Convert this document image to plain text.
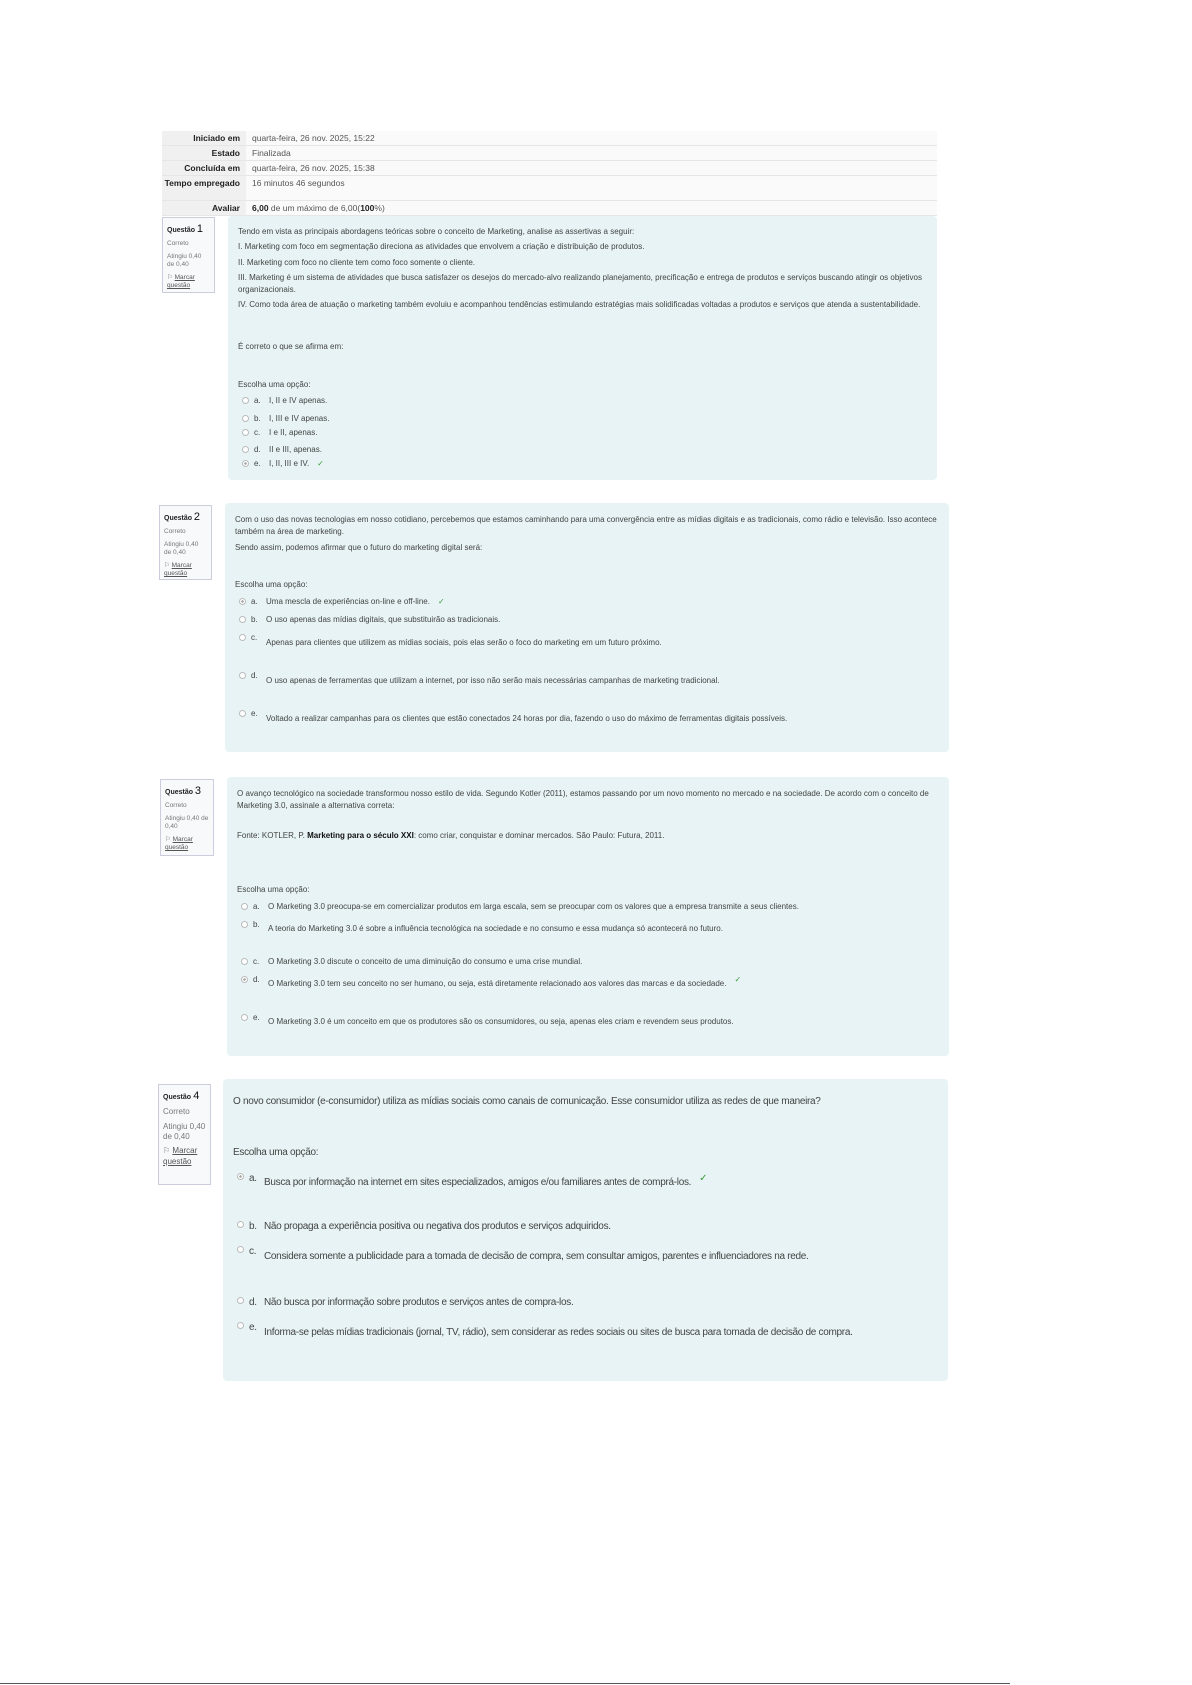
Iniciado em	quarta-feira, 26 nov. 2025, 15:22
Estado	Finalizada
Concluída em	quarta-feira, 26 nov. 2025, 15:38
Tempo empregado	16 minutos 46 segundos
Avaliar	6,00 de um máximo de 6,00(100%)
Questão 1
Correto
Atingiu 0,40 de 0,40
⚐ Marcar questão
Tendo em vista as principais abordagens teóricas sobre o conceito de Marketing, analise as assertivas a seguir:
I. Marketing com foco em segmentação direciona as atividades que envolvem a criação e distribuição de produtos.
II. Marketing com foco no cliente tem como foco somente o cliente.
III. Marketing é um sistema de atividades que busca satisfazer os desejos do mercado-alvo realizando planejamento, precificação e entrega de produtos e serviços buscando atingir os objetivos organizacionais.
IV. Como toda área de atuação o marketing também evoluiu e acompanhou tendências estimulando estratégias mais solidificadas voltadas a produtos e serviços que atenda a sustentabilidade.
É correto o que se afirma em:
Escolha uma opção:
a.	I, II e IV apenas.
b.	I, III e IV apenas.
c.	I e II, apenas.
d.	II e III, apenas.
e.	I, II, III e IV. ✓
Questão 2
Correto
Atingiu 0,40 de 0,40
⚐ Marcar questão
Com o uso das novas tecnologias em nosso cotidiano, percebemos que estamos caminhando para uma convergência entre as mídias digitais e as tradicionais, como rádio e televisão. Isso acontece também na área de marketing.
Sendo assim, podemos afirmar que o futuro do marketing digital será:
Escolha uma opção:
a.	Uma mescla de experiências on-line e off-line. ✓
b.	O uso apenas das mídias digitais, que substituirão as tradicionais.
c.
Apenas para clientes que utilizem as mídias sociais, pois elas serão o foco do marketing em um futuro próximo.
d.
O uso apenas de ferramentas que utilizam a internet, por isso não serão mais necessárias campanhas de marketing tradicional.
e.
Voltado a realizar campanhas para os clientes que estão conectados 24 horas por dia, fazendo o uso do máximo de ferramentas digitais possíveis.
Questão 3
Correto
Atingiu 0,40 de 0,40
⚐ Marcar questão
O avanço tecnológico na sociedade transformou nosso estilo de vida. Segundo Kotler (2011), estamos passando por um novo momento no mercado e na sociedade. De acordo com o conceito de Marketing 3.0, assinale a alternativa correta:
Fonte: KOTLER, P. Marketing para o século XXI: como criar, conquistar e dominar mercados. São Paulo: Futura, 2011.
Escolha uma opção:
a.	O Marketing 3.0 preocupa-se em comercializar produtos em larga escala, sem se preocupar com os valores que a empresa transmite a seus clientes.
b.	A teoria do Marketing 3.0 é sobre a influência tecnológica na sociedade e no consumo e essa mudança só acontecerá no futuro.
c.	O Marketing 3.0 discute o conceito de uma diminuição do consumo e uma crise mundial.
d.	O Marketing 3.0 tem seu conceito no ser humano, ou seja, está diretamente relacionado aos valores das marcas e da sociedade. ✓
e.	O Marketing 3.0 é um conceito em que os produtores são os consumidores, ou seja, apenas eles criam e revendem seus produtos.
Questão 4
Correto
Atingiu 0,40 de 0,40
⚐ Marcar questão
O novo consumidor (e-consumidor) utiliza as mídias sociais como canais de comunicação. Esse consumidor utiliza as redes de que maneira?
Escolha uma opção:
a. Busca por informação na internet em sites especializados, amigos e/ou familiares antes de comprá-los. ✓
b. Não propaga a experiência positiva ou negativa dos produtos e serviços adquiridos.
c. Considera somente a publicidade para a tomada de decisão de compra, sem consultar amigos, parentes e influenciadores na rede.
d. Não busca por informação sobre produtos e serviços antes de compra-los.
e. Informa-se pelas mídias tradicionais (jornal, TV, rádio), sem considerar as redes sociais ou sites de busca para tomada de decisão de compra.
